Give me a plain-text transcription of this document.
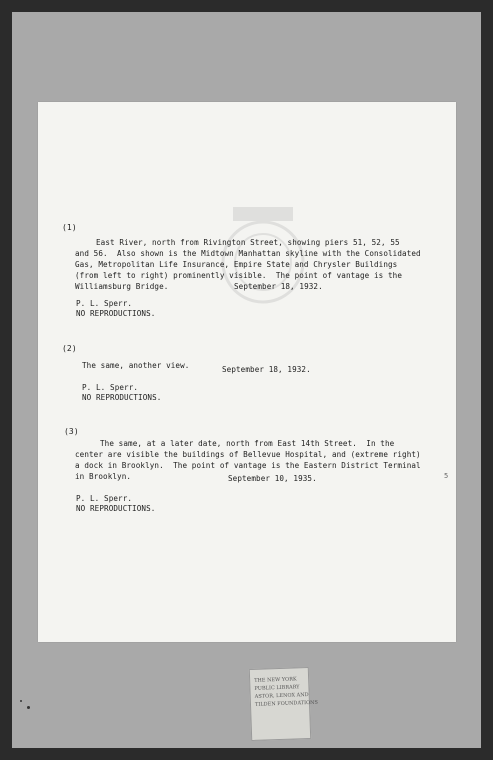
(1)
East River, north from Rivington Street, showing piers 51, 52, 55
and 56.  Also shown is the Midtown Manhattan skyline with the Consolidated
Gas, Metropolitan Life Insurance, Empire State and Chrysler Buildings
(from left to right) prominently visible.  The point of vantage is the
Williamsburg Bridge.	September 18, 1932.
P. L. Sperr.
NO REPRODUCTIONS.
(2)
The same, another view.	September 18, 1932.
P. L. Sperr.
NO REPRODUCTIONS.
(3)
The same, at a later date, north from East 14th Street.  In the
center are visible the buildings of Bellevue Hospital, and (extreme right)
a dock in Brooklyn.  The point of vantage is the Eastern District Terminal
in Brooklyn.	September 10, 1935.
P. L. Sperr.
NO REPRODUCTIONS.
5
THE NEW YORK
PUBLIC LIBRARY
ASTOR, LENOX AND
TILDEN FOUNDATIONS
